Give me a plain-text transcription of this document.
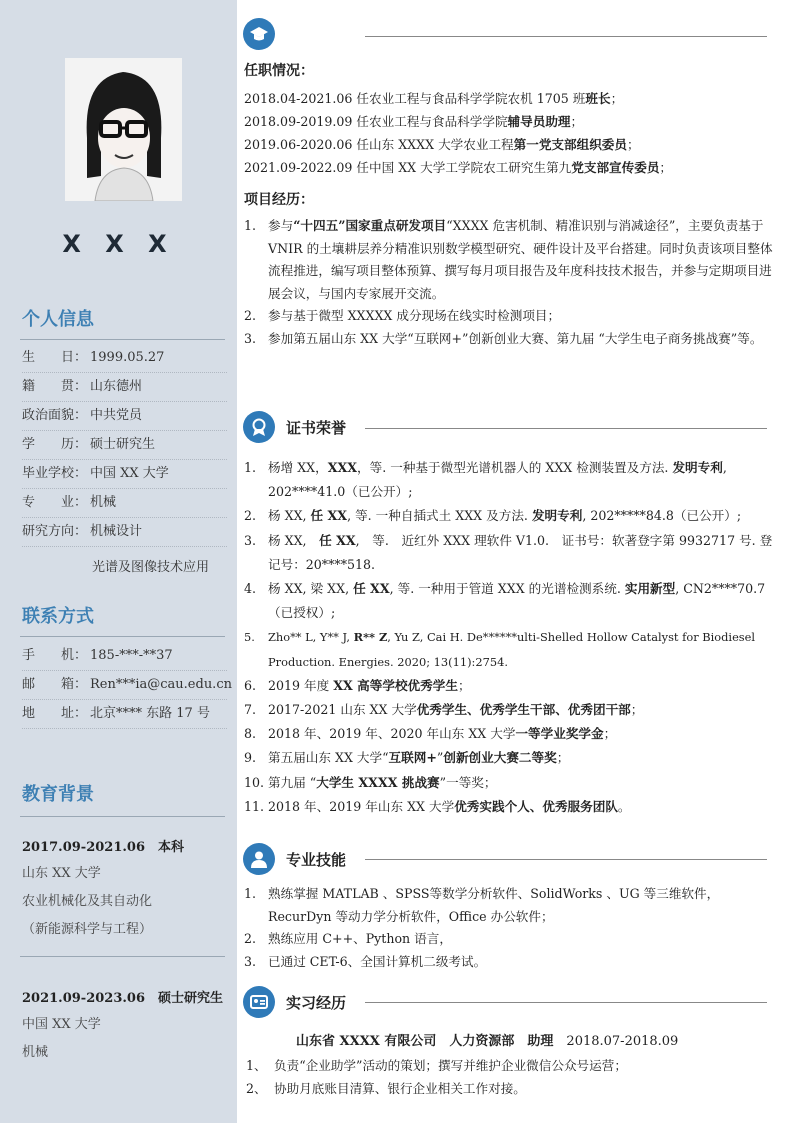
X X X
个人信息
生　　日： 1999.05.27
籍　　贯： 山东德州
政治面貌： 中共党员
学　　历： 硕士研究生
毕业学校： 中国 XX 大学
专　　业： 机械
研究方向： 机械设计
光谱及图像技术应用
联系方式
手　　机： 185-***-**37
邮　　箱： Ren***ia@cau.edu.cn
地　　址： 北京**** 东路 17 号
教育背景
2017.09-2021.06　 本科
山东 XX 大学
农业机械化及其自动化
（新能源科学与工程）
2021.09-2023.06　 硕士研究生
中国 XX 大学
机械
任职情况：
2018.04-2021.06 任农业工程与食品科学学院农机 1705 班班长；
2018.09-2019.09 任农业工程与食品科学学院辅导员助理；
2019.06-2020.06 任山东 XXXX 大学农业工程第一党支部组织委员；
2021.09-2022.09 任中国 XX 大学工学院农工研究生第九党支部宣传委员；
项目经历：
1. 参与“十四五”国家重点研发项目“XXXX 危害机制、精准识别与消减途径”，主要负责基于 VNIR 的土壤耕层养分精准识别数学模型研究、硬件设计及平台搭建。同时负责该项目整体流程推进，编写项目整体预算、撰写每月项目报告及年度科技技术报告，并参与定期项目进展会议，与国内专家展开交流。
2. 参与基于微型 XXXXX 成分现场在线实时检测项目；
3. 参加第五届山东 XX 大学“互联网+”创新创业大赛、第九届 “大学生电子商务挑战赛”等。
证书荣誉
1. 杨增 XX，XXX，等. 一种基于微型光谱机器人的 XXX 检测装置及方法. 发明专利, 202****41.0（已公开）;
2. 杨 XX, 任 XX, 等. 一种自插式土 XXX 及方法. 发明专利, 202*****84.8（已公开）;
3. 杨 XX,　任 XX,　等.　近红外 XXX 理软件 V1.0.　证书号：软著登字第 9932717 号. 登记号：20****518.
4. 杨 XX, 梁 XX, 任 XX, 等. 一种用于管道 XXX 的光谱检测系统. 实用新型, CN2****70.7（已授权）;
5. Zho** L, Y** J, R** Z, Yu Z, Cai H. De******ulti-Shelled Hollow Catalyst for Biodiesel Production. Energies. 2020; 13(11):2754.
6. 2019 年度 XX 高等学校优秀学生；
7. 2017-2021 山东 XX 大学优秀学生、优秀学生干部、优秀团干部；
8. 2018 年、2019 年、2020 年山东 XX 大学一等学业奖学金；
9. 第五届山东 XX 大学“互联网+”创新创业大赛二等奖；
10. 第九届 “大学生 XXXX 挑战赛”一等奖；
11. 2018 年、2019 年山东 XX 大学优秀实践个人、优秀服务团队。
专业技能
1. 熟练掌握 MATLAB 、SPSS等数学分析软件、SolidWorks 、UG 等三维软件，RecurDyn 等动力学分析软件，Office 办公软件；
2. 熟练应用 C++、Python 语言，
3. 已通过 CET-6、全国计算机二级考试。
实习经历
山东省 XXXX 有限公司　人力资源部　助理　 2018.07-2018.09
1、 负责“企业助学”活动的策划；撰写并维护企业微信公众号运营；
2、 协助月底账目清算、银行企业相关工作对接。
